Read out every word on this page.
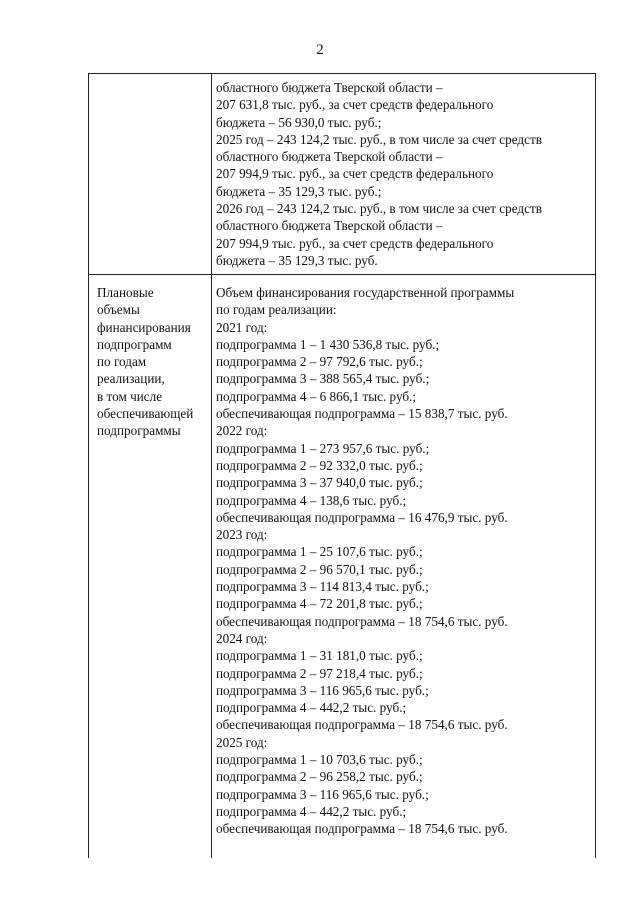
2
областного бюджета Тверской области –
207 631,8 тыс. руб., за счет средств федерального
бюджета – 56 930,0 тыс. руб.;
2025 год – 243 124,2 тыс. руб., в том числе за счет средств
областного бюджета Тверской области –
207 994,9 тыс. руб., за счет средств федерального
бюджета – 35 129,3 тыс. руб.;
2026 год – 243 124,2 тыс. руб., в том числе за счет средств
областного бюджета Тверской области –
207 994,9 тыс. руб., за счет средств федерального
бюджета – 35 129,3 тыс. руб.
Плановые
объемы
финансирования
подпрограмм
по годам
реализации,
в том числе
обеспечивающей
подпрограммы
Объем финансирования государственной программы
по годам реализации:
2021 год:
подпрограмма 1 – 1 430 536,8 тыс. руб.;
подпрограмма 2 – 97 792,6 тыс. руб.;
подпрограмма 3 – 388 565,4 тыс. руб.;
подпрограмма 4 – 6 866,1 тыс. руб.;
обеспечивающая подпрограмма – 15 838,7 тыс. руб.
2022 год:
подпрограмма 1 – 273 957,6 тыс. руб.;
подпрограмма 2 – 92 332,0 тыс. руб.;
подпрограмма 3 – 37 940,0 тыс. руб.;
подпрограмма 4 – 138,6 тыс. руб.;
обеспечивающая подпрограмма – 16 476,9 тыс. руб.
2023 год:
подпрограмма 1 – 25 107,6 тыс. руб.;
подпрограмма 2 – 96 570,1 тыс. руб.;
подпрограмма 3 – 114 813,4 тыс. руб.;
подпрограмма 4 – 72 201,8 тыс. руб.;
обеспечивающая подпрограмма – 18 754,6 тыс. руб.
2024 год:
подпрограмма 1 – 31 181,0 тыс. руб.;
подпрограмма 2 – 97 218,4 тыс. руб.;
подпрограмма 3 – 116 965,6 тыс. руб.;
подпрограмма 4 – 442,2 тыс. руб.;
обеспечивающая подпрограмма – 18 754,6 тыс. руб.
2025 год:
подпрограмма 1 – 10 703,6 тыс. руб.;
подпрограмма 2 – 96 258,2 тыс. руб.;
подпрограмма 3 – 116 965,6 тыс. руб.;
подпрограмма 4 – 442,2 тыс. руб.;
обеспечивающая подпрограмма – 18 754,6 тыс. руб.
